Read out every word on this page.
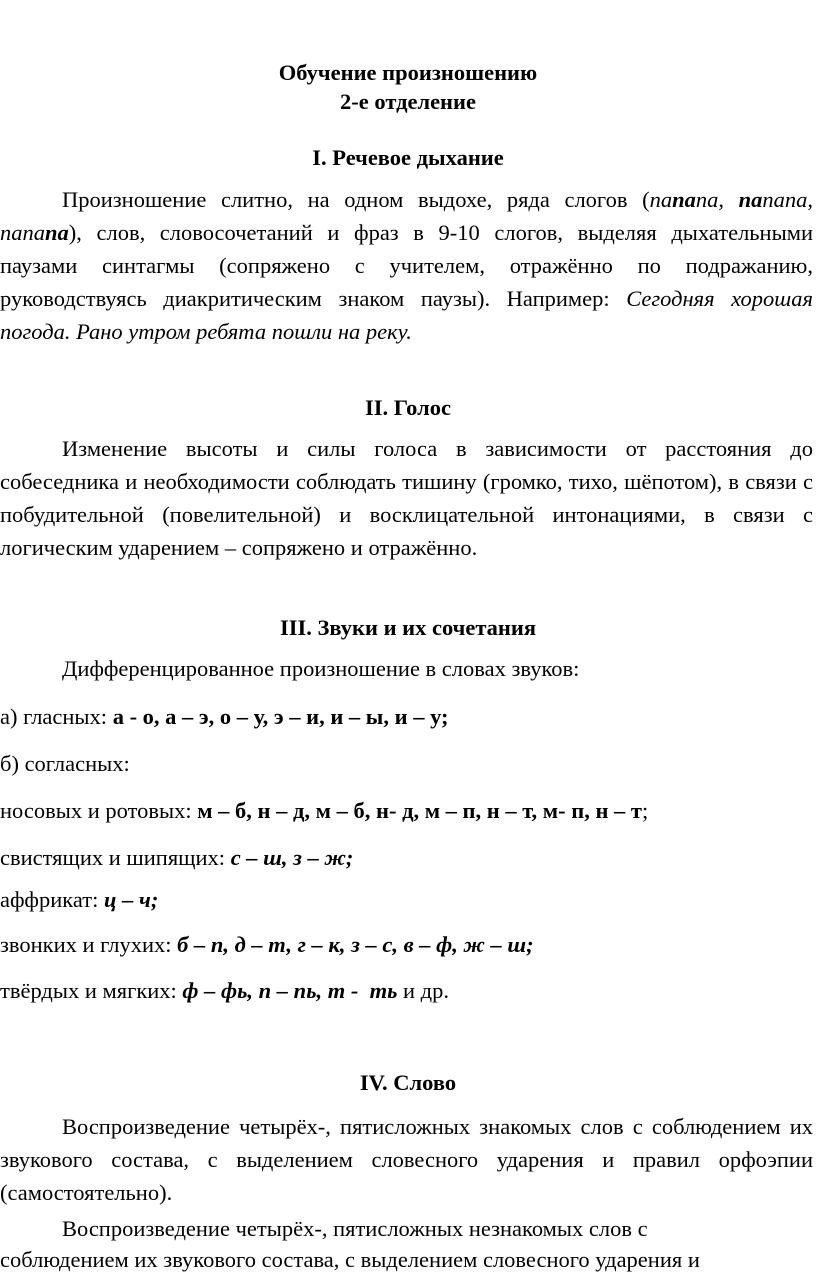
Обучение произношению
2-е отделение
I. Речевое дыхание
Произношение слитно, на одном выдохе, ряда слогов (папапа, папапа, папапа), слов, словосочетаний и фраз в 9-10 слогов, выделяя дыхательными паузами синтагмы (сопряжено с учителем, отражённо по подражанию, руководствуясь диакритическим знаком паузы). Например: Сегодняя хорошая погода. Рано утром ребята пошли на реку.
II. Голос
Изменение высоты и силы голоса в зависимости от расстояния до собеседника и необходимости соблюдать тишину (громко, тихо, шёпотом), в связи с побудительной (повелительной) и восклицательной интонациями, в связи с логическим ударением – сопряжено и отражённо.
III. Звуки и их сочетания
Дифференцированное произношение в словах звуков:
а) гласных: а - о, а – э, о – у, э – и, и – ы, и – у;
б) согласных:
носовых и ротовых: м – б, н – д, м – б, н- д, м – п, н – т, м- п, н – т;
свистящих и шипящих: с – ш, з – ж;
аффрикат: ц – ч;
звонких и глухих: б – п, д – т, г – к, з – с, в – ф, ж – ш;
твёрдых и мягких: ф – фь, п – пь, т -  ть и др.
IV. Слово
Воспроизведение четырёх-, пятисложных знакомых слов с соблюдением их звукового состава, с выделением словесного ударения и правил орфоэпии (самостоятельно).
Воспроизведение четырёх-, пятисложных незнакомых слов с
соблюдением их звукового состава, с выделением словесного ударения и
